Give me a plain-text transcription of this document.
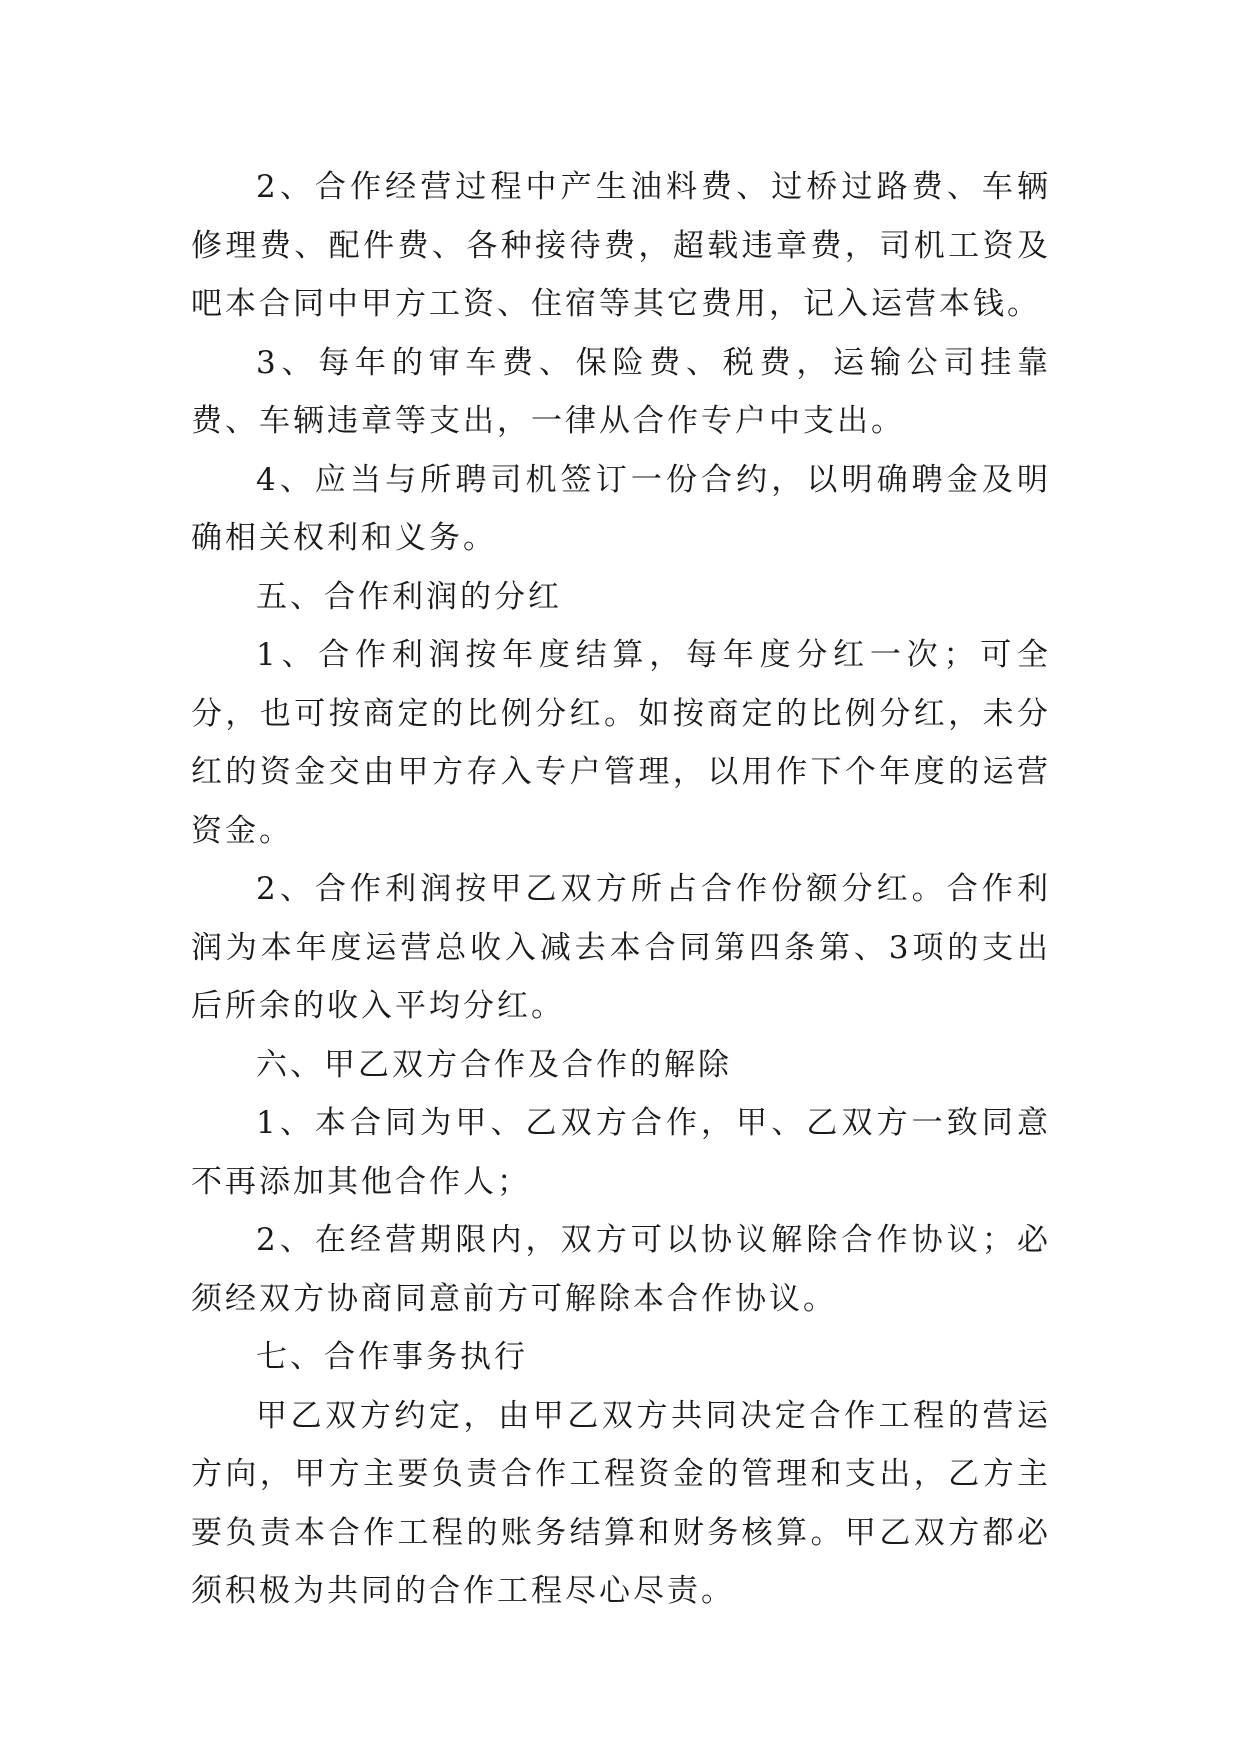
2、合作经营过程中产生油料费、过桥过路费、车辆修理费、配件费、各种接待费，超载违章费，司机工资及吧本合同中甲方工资、住宿等其它费用，记入运营本钱。

3、每年的审车费、保险费、税费，运输公司挂靠费、车辆违章等支出，一律从合作专户中支出。

4、应当与所聘司机签订一份合约，以明确聘金及明确相关权利和义务。

五、合作利润的分红

1、合作利润按年度结算，每年度分红一次；可全分，也可按商定的比例分红。如按商定的比例分红，未分红的资金交由甲方存入专户管理，以用作下个年度的运营资金。

2、合作利润按甲乙双方所占合作份额分红。合作利润为本年度运营总收入减去本合同第四条第、3项的支出后所余的收入平均分红。

六、甲乙双方合作及合作的解除

1、本合同为甲、乙双方合作，甲、乙双方一致同意不再添加其他合作人；

2、在经营期限内，双方可以协议解除合作协议；必须经双方协商同意前方可解除本合作协议。

七、合作事务执行

甲乙双方约定，由甲乙双方共同决定合作工程的营运方向，甲方主要负责合作工程资金的管理和支出，乙方主要负责本合作工程的账务结算和财务核算。甲乙双方都必须积极为共同的合作工程尽心尽责。
